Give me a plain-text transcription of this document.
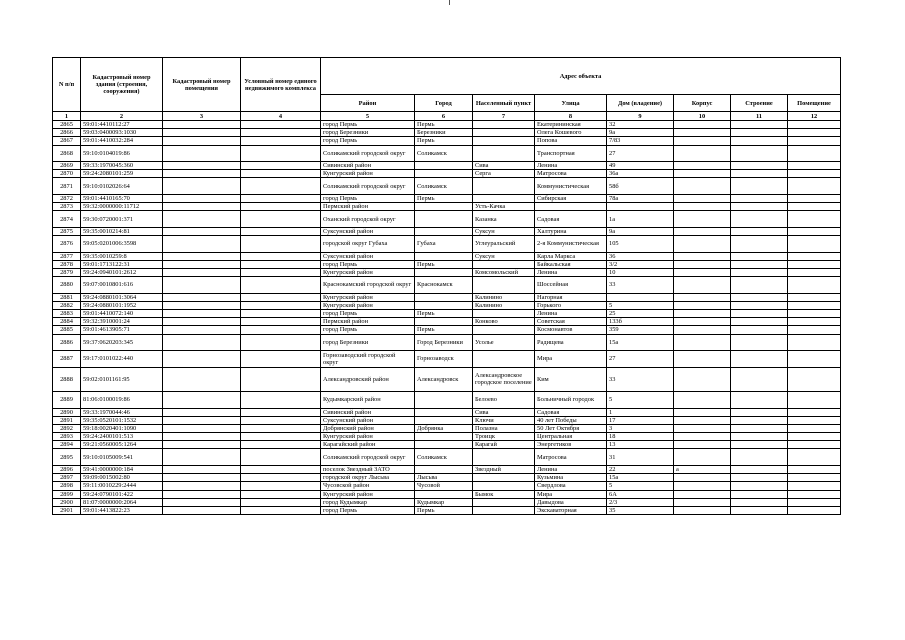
N п/п	Кадастровый номер здания (строения, сооружения)	Кадастровый номер помещения	Условный номер единого недвижимого комплекса	Адрес объекта							
				Район	Город	Населенный пункт	Улица	Дом (владение)	Корпус	Строение	Помещение
1	2	3	4	5	6	7	8	9	10	11	12
2865	59:01:4410112:27			город Пермь	Пермь		Екатерининская	32			
2866	59:03:0400093:1030			город Березники	Березники		Олега Кошевого	9а			
2867	59:01:4410032:284			город Пермь	Пермь		Попова	7/83			
2868	59:10:0104019:86			Соликамский городской округ	Соликамск		Транспортная	27			
2869	59:33:1970045:360			Сивинский район		Сива	Ленина	49			
2870	59:24:2080101:259			Кунгурский район		Серга	Матросова	36а			
2871	59:10:0102026:64			Соликамский городской округ	Соликамск		Коммунистическая	58б			
2872	59:01:4410165:70			город Пермь	Пермь		Сибирская	78а			
2873	59:32:0000000:11712			Пермский район		Усть-Качка					
2874	59:30:0720001:371			Оханский городской округ		Казанка	Садовая	1а			
2875	59:35:0010214:81			Суксунский район		Суксун	Халтурина	9а			
2876	59:05:0201006:3598			городской округ Губаха	Губаха	Углеуральский	2-я Коммунистическая	105			
2877	59:35:0010259:8			Суксунский район		Суксун	Карла Маркса	36			
2878	59:01:1713122:31			город Пермь	Пермь		Байкальская	3/2			
2879	59:24:0940101:2612			Кунгурский район		Комсомольский	Ленина	10			
2880	59:07:0010801:616			Краснокамский городской округ	Краснокамск		Шоссейная	33			
2881	59:24:0880101:3064			Кунгурский район		Калинино	Нагорная				
2882	59:24:0880101:1952			Кунгурский район		Калинино	Горького	5			
2883	59:01:4410072:140			город Пермь	Пермь		Ленина	25			
2884	59:32:3910001:24			Пермский район		Конково	Советская	133б			
2885	59:01:4613905:71			город Пермь	Пермь		Космонавтов	359			
2886	59:37:0620203:345			город Березники	Город Березники	Усолье	Радищева	15а			
2887	59:17:0101022:440			Горнозаводский городской округ	Горнозаводск		Мира	27			
2888	59:02:0101161:95			Александровский район	Александровск	Александровское городское поселение	Ким	33			
2889	81:06:0100019:86			Кудымкарский район		Белоево	Больничный городок	5			
2890	59:33:1970044:46			Сивинский район		Сива	Садовая	1			
2891	59:35:0520101:1532			Суксунский район		Ключи	40 лет Победы	17			
2892	59:18:0020401:1090			Добрянский район	Добрянка	Полазна	50 Лет Октября	3			
2893	59:24:2400101:513			Кунгурский район		Троицк	Центральная	18			
2894	59:21:0560005:1264			Карагайский район		Карагай	Энергетиков	13			
2895	59:10:0105009:541			Соликамский городской округ	Соликамск		Матросова	31			
2896	59:41:0000000:184			поселок Звездный ЗАТО		Звездный	Ленина	22	а		
2897	59:09:0015002:80			городской округ Лысьва	Лысьва		Кузьмина	15а			
2898	59:11:0010229:2444			Чусовской район	Чусовой		Свердлова	5			
2899	59:24:0790101:422			Кунгурский район		Бымок	Мира	6А			
2900	81:07:0000000:2064			город Кудымкар	Кудымкар		Давыдова	2/3			
2901	59:01:4413822:23			город Пермь	Пермь		Экскаваторная	35			
